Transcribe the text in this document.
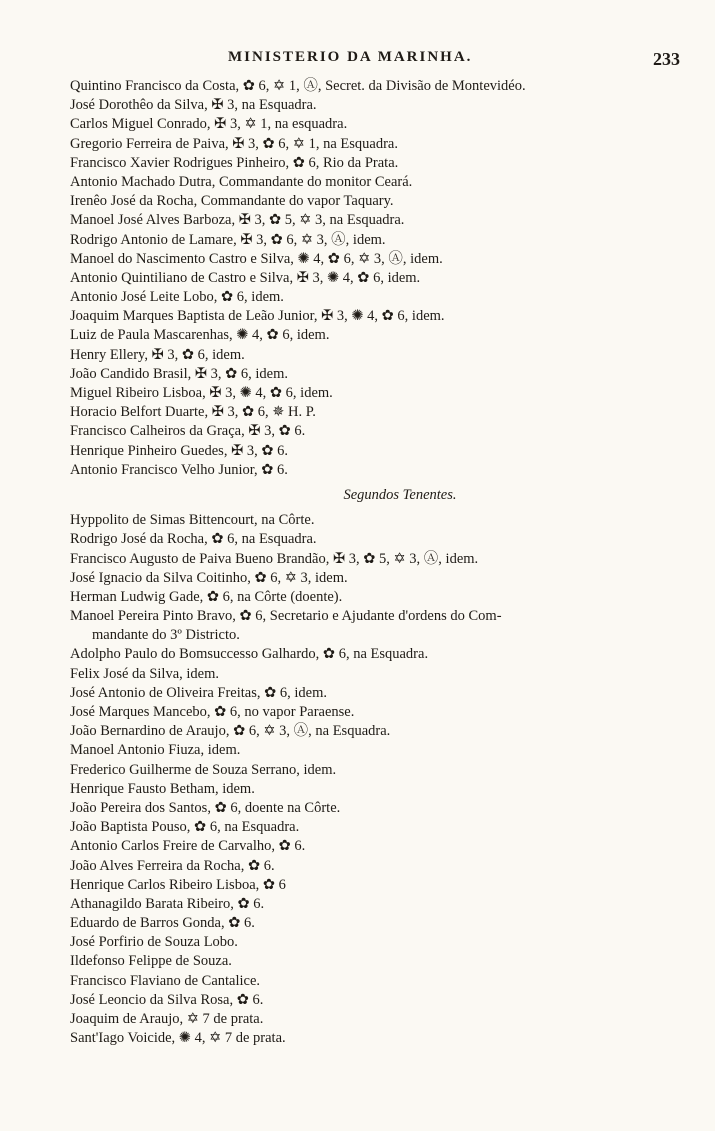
MINISTERIO DA MARINHA.	233
Quintino Francisco da Costa, ✿ 6, ✡ 1, Ⓐ, Secret. da Divisão de Montevidéo.
José Dorothêo da Silva, ✠ 3, na Esquadra.
Carlos Miguel Conrado, ✠ 3, ✡ 1, na esquadra.
Gregorio Ferreira de Paiva, ✠ 3, ✿ 6, ✡ 1, na Esquadra.
Francisco Xavier Rodrigues Pinheiro, ✿ 6, Rio da Prata.
Antonio Machado Dutra, Commandante do monitor Ceará.
Irenêo José da Rocha, Commandante do vapor Taquary.
Manoel José Alves Barboza, ✠ 3, ✿ 5, ✡ 3, na Esquadra.
Rodrigo Antonio de Lamare, ✠ 3, ✿ 6, ✡ 3, Ⓐ, idem.
Manoel do Nascimento Castro e Silva, ✺ 4, ✿ 6, ✡ 3, Ⓐ, idem.
Antonio Quintiliano de Castro e Silva, ✠ 3, ✺ 4, ✿ 6, idem.
Antonio José Leite Lobo, ✿ 6, idem.
Joaquim Marques Baptista de Leão Junior, ✠ 3, ✺ 4, ✿ 6, idem.
Luiz de Paula Mascarenhas, ✺ 4, ✿ 6, idem.
Henry Ellery, ✠ 3, ✿ 6, idem.
João Candido Brasil, ✠ 3, ✿ 6, idem.
Miguel Ribeiro Lisboa, ✠ 3, ✺ 4, ✿ 6, idem.
Horacio Belfort Duarte, ✠ 3, ✿ 6, ✵ H. P.
Francisco Calheiros da Graça, ✠ 3, ✿ 6.
Henrique Pinheiro Guedes, ✠ 3, ✿ 6.
Antonio Francisco Velho Junior, ✿ 6.
Segundos Tenentes.
Hyppolito de Simas Bittencourt, na Côrte.
Rodrigo José da Rocha, ✿ 6, na Esquadra.
Francisco Augusto de Paiva Bueno Brandão, ✠ 3, ✿ 5, ✡ 3, Ⓐ, idem.
José Ignacio da Silva Coitinho, ✿ 6, ✡ 3, idem.
Herman Ludwig Gade, ✿ 6, na Côrte (doente).
Manoel Pereira Pinto Bravo, ✿ 6, Secretario e Ajudante d'ordens do Com-
mandante do 3º Districto.
Adolpho Paulo do Bomsuccesso Galhardo, ✿ 6, na Esquadra.
Felix José da Silva, idem.
José Antonio de Oliveira Freitas, ✿ 6, idem.
José Marques Mancebo, ✿ 6, no vapor Paraense.
João Bernardino de Araujo, ✿ 6, ✡ 3, Ⓐ, na Esquadra.
Manoel Antonio Fiuza, idem.
Frederico Guilherme de Souza Serrano, idem.
Henrique Fausto Betham, idem.
João Pereira dos Santos, ✿ 6, doente na Côrte.
João Baptista Pouso, ✿ 6, na Esquadra.
Antonio Carlos Freire de Carvalho, ✿ 6.
João Alves Ferreira da Rocha, ✿ 6.
Henrique Carlos Ribeiro Lisboa, ✿ 6
Athanagildo Barata Ribeiro, ✿ 6.
Eduardo de Barros Gonda, ✿ 6.
José Porfirio de Souza Lobo.
Ildefonso Felippe de Souza.
Francisco Flaviano de Cantalice.
José Leoncio da Silva Rosa, ✿ 6.
Joaquim de Araujo, ✡ 7 de prata.
Sant'Iago Voicide, ✺ 4, ✡ 7 de prata.
